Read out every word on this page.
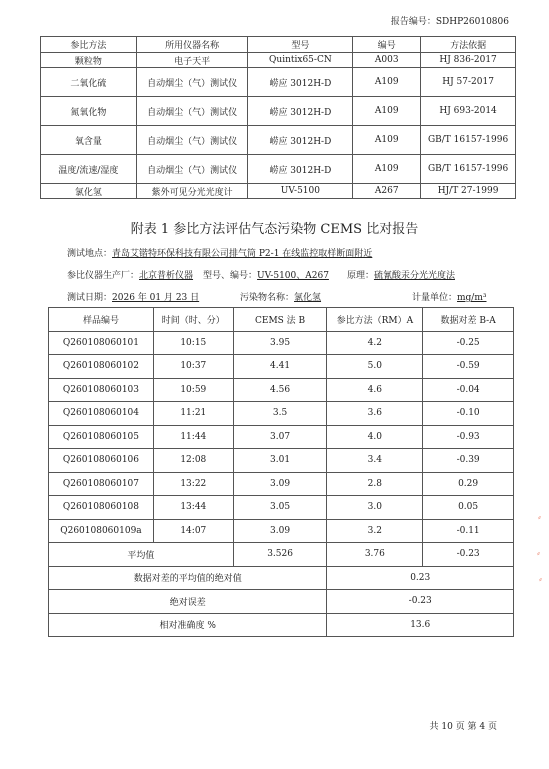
报告编号：SDHP26010806
参比方法	所用仪器名称	型号	编号	方法依据
颗粒物	电子天平	Quintix65-CN	A003	HJ 836-2017
二氧化硫	自动烟尘（气）测试仪	崂应 3012H-D	A109	HJ 57-2017
氮氧化物	自动烟尘（气）测试仪	崂应 3012H-D	A109	HJ 693-2014
氧含量	自动烟尘（气）测试仪	崂应 3012H-D	A109	GB/T 16157-1996
温度/流速/湿度	自动烟尘（气）测试仪	崂应 3012H-D	A109	GB/T 16157-1996
氯化氢	紫外可见分光光度计	UV-5100	A267	HJ/T 27-1999
附表 1 参比方法评估气态污染物 CEMS 比对报告
测试地点：青岛艾锴特环保科技有限公司排气筒 P2-1 在线监控取样断面附近
参比仪器生产厂：北京普析仪器 型号、编号：UV-5100、A267 原理：硫氰酸汞分光光度法
测试日期：2026 年 01 月 23 日	污染物名称：氯化氢	计量单位：mg/m³
样品编号	时间（时、分）	CEMS 法 B	参比方法（RM）A	数据对差 B-A
Q260108060101	10:15	3.95	4.2	-0.25
Q260108060102	10:37	4.41	5.0	-0.59
Q260108060103	10:59	4.56	4.6	-0.04
Q260108060104	11:21	3.5	3.6	-0.10
Q260108060105	11:44	3.07	4.0	-0.93
Q260108060106	12:08	3.01	3.4	-0.39
Q260108060107	13:22	3.09	2.8	0.29
Q260108060108	13:44	3.05	3.0	0.05
Q260108060109a	14:07	3.09	3.2	-0.11
平均值		3.526	3.76	-0.23
数据对差的平均值的绝对值			0.23	
绝对误差			-0.23	
相对准确度 %			13.6	
共 10 页 第 4 页
⸗
⸗
⸗
